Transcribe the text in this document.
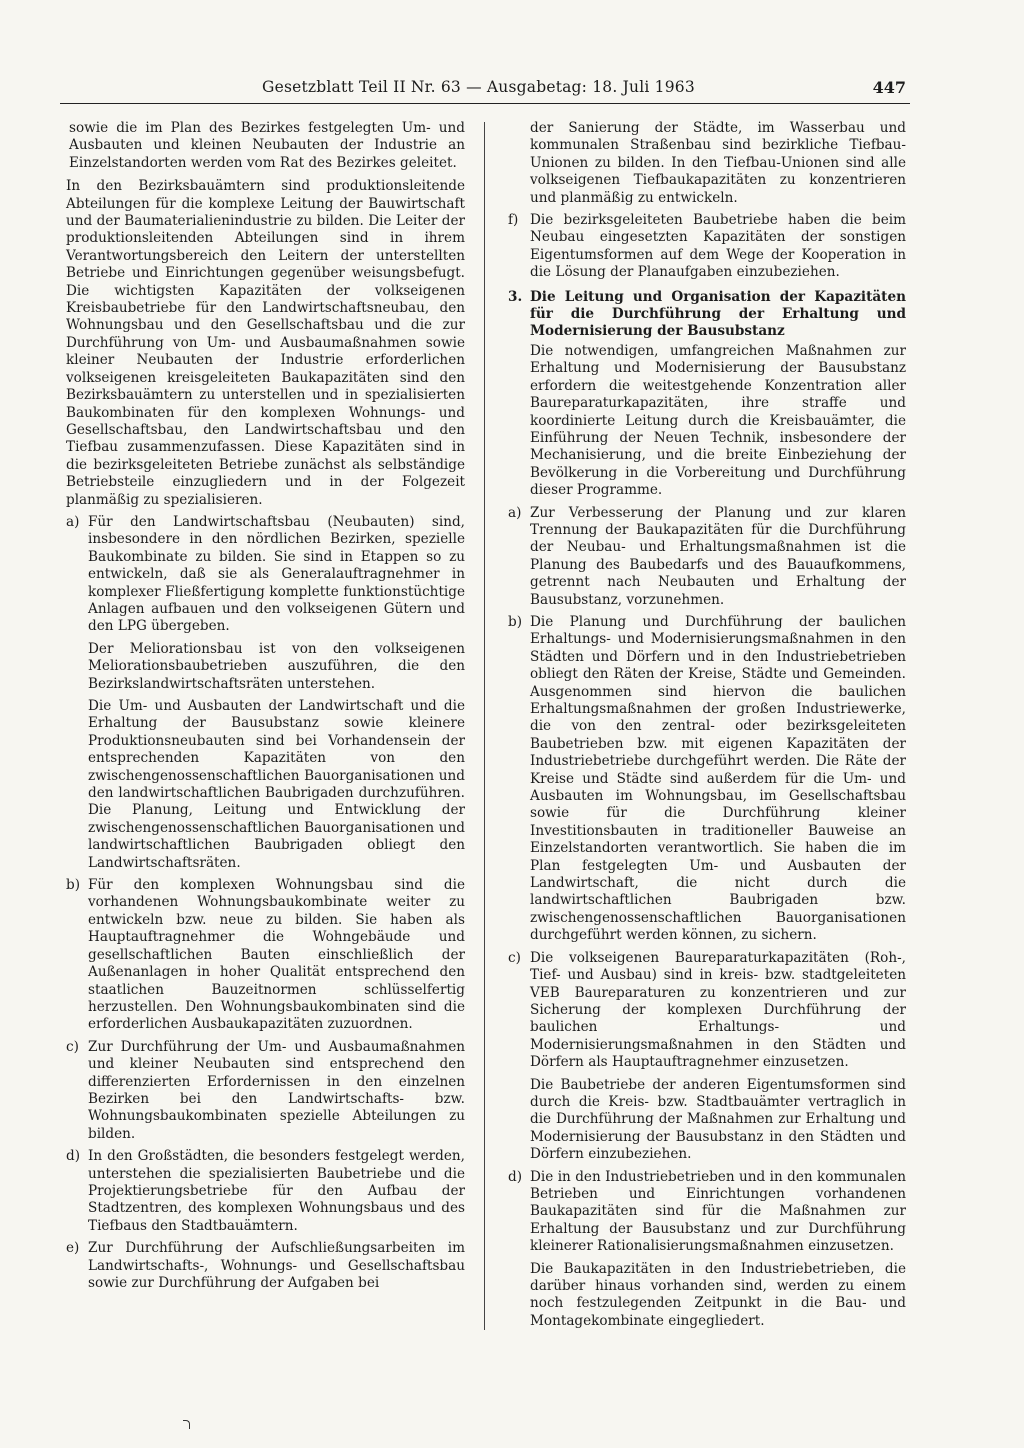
Gesetzblatt Teil II Nr. 63 — Ausgabetag: 18. Juli 1963	447

sowie die im Plan des Bezirkes festgelegten Um- und Ausbauten und kleinen Neubauten der Industrie an Einzelstandorten werden vom Rat des Bezirkes geleitet.

In den Bezirksbauämtern sind produktionsleitende Abteilungen für die komplexe Leitung der Bauwirtschaft und der Baumaterialienindustrie zu bilden. Die Leiter der produktionsleitenden Abteilungen sind in ihrem Verantwortungsbereich den Leitern der unterstellten Betriebe und Einrichtungen gegenüber weisungsbefugt. Die wichtigsten Kapazitäten der volkseigenen Kreisbaubetriebe für den Landwirtschaftsneubau, den Wohnungsbau und den Gesellschaftsbau und die zur Durchführung von Um- und Ausbaumaßnahmen sowie kleiner Neubauten der Industrie erforderlichen volkseigenen kreisgeleiteten Baukapazitäten sind den Bezirksbauämtern zu unterstellen und in spezialisierten Baukombinaten für den komplexen Wohnungs- und Gesellschaftsbau, den Landwirtschaftsbau und den Tiefbau zusammenzufassen. Diese Kapazitäten sind in die bezirksgeleiteten Betriebe zunächst als selbständige Betriebsteile einzugliedern und in der Folgezeit planmäßig zu spezialisieren.

a) Für den Landwirtschaftsbau (Neubauten) sind, insbesondere in den nördlichen Bezirken, spezielle Baukombinate zu bilden. Sie sind in Etappen so zu entwickeln, daß sie als Generalauftragnehmer in komplexer Fließfertigung komplette funktionstüchtige Anlagen aufbauen und den volkseigenen Gütern und den LPG übergeben.

Der Meliorationsbau ist von den volkseigenen Meliorationsbaubetrieben auszuführen, die den Bezirkslandwirtschaftsräten unterstehen.

Die Um- und Ausbauten der Landwirtschaft und die Erhaltung der Bausubstanz sowie kleinere Produktionsneubauten sind bei Vorhandensein der entsprechenden Kapazitäten von den zwischengenossenschaftlichen Bauorganisationen und den landwirtschaftlichen Baubrigaden durchzuführen. Die Planung, Leitung und Entwicklung der zwischengenossenschaftlichen Bauorganisationen und landwirtschaftlichen Baubrigaden obliegt den Landwirtschaftsräten.

b) Für den komplexen Wohnungsbau sind die vorhandenen Wohnungsbaukombinate weiter zu entwickeln bzw. neue zu bilden. Sie haben als Hauptauftragnehmer die Wohngebäude und gesellschaftlichen Bauten einschließlich der Außenanlagen in hoher Qualität entsprechend den staatlichen Bauzeitnormen schlüsselfertig herzustellen. Den Wohnungsbaukombinaten sind die erforderlichen Ausbaukapazitäten zuzuordnen.

c) Zur Durchführung der Um- und Ausbaumaßnahmen und kleiner Neubauten sind entsprechend den differenzierten Erfordernissen in den einzelnen Bezirken bei den Landwirtschafts- bzw. Wohnungsbaukombinaten spezielle Abteilungen zu bilden.

d) In den Großstädten, die besonders festgelegt werden, unterstehen die spezialisierten Baubetriebe und die Projektierungsbetriebe für den Aufbau der Stadtzentren, des komplexen Wohnungsbaus und des Tiefbaus den Stadtbauämtern.

e) Zur Durchführung der Aufschließungsarbeiten im Landwirtschafts-, Wohnungs- und Gesellschaftsbau sowie zur Durchführung der Aufgaben bei

der Sanierung der Städte, im Wasserbau und kommunalen Straßenbau sind bezirkliche Tiefbau-Unionen zu bilden. In den Tiefbau-Unionen sind alle volkseigenen Tiefbaukapazitäten zu konzentrieren und planmäßig zu entwickeln.

f) Die bezirksgeleiteten Baubetriebe haben die beim Neubau eingesetzten Kapazitäten der sonstigen Eigentumsformen auf dem Wege der Kooperation in die Lösung der Planaufgaben einzubeziehen.

3. Die Leitung und Organisation der Kapazitäten für die Durchführung der Erhaltung und Modernisierung der Bausubstanz

Die notwendigen, umfangreichen Maßnahmen zur Erhaltung und Modernisierung der Bausubstanz erfordern die weitestgehende Konzentration aller Baureparaturkapazitäten, ihre straffe und koordinierte Leitung durch die Kreisbauämter, die Einführung der Neuen Technik, insbesondere der Mechanisierung, und die breite Einbeziehung der Bevölkerung in die Vorbereitung und Durchführung dieser Programme.

a) Zur Verbesserung der Planung und zur klaren Trennung der Baukapazitäten für die Durchführung der Neubau- und Erhaltungsmaßnahmen ist die Planung des Baubedarfs und des Bauaufkommens, getrennt nach Neubauten und Erhaltung der Bausubstanz, vorzunehmen.

b) Die Planung und Durchführung der baulichen Erhaltungs- und Modernisierungsmaßnahmen in den Städten und Dörfern und in den Industriebetrieben obliegt den Räten der Kreise, Städte und Gemeinden. Ausgenommen sind hiervon die baulichen Erhaltungsmaßnahmen der großen Industriewerke, die von den zentral- oder bezirksgeleiteten Baubetrieben bzw. mit eigenen Kapazitäten der Industriebetriebe durchgeführt werden. Die Räte der Kreise und Städte sind außerdem für die Um- und Ausbauten im Wohnungsbau, im Gesellschaftsbau sowie für die Durchführung kleiner Investitionsbauten in traditioneller Bauweise an Einzelstandorten verantwortlich. Sie haben die im Plan festgelegten Um- und Ausbauten der Landwirtschaft, die nicht durch die landwirtschaftlichen Baubrigaden bzw. zwischengenossenschaftlichen Bauorganisationen durchgeführt werden können, zu sichern.

c) Die volkseigenen Baureparaturkapazitäten (Roh-, Tief- und Ausbau) sind in kreis- bzw. stadtgeleiteten VEB Baureparaturen zu konzentrieren und zur Sicherung der komplexen Durchführung der baulichen Erhaltungs- und Modernisierungsmaßnahmen in den Städten und Dörfern als Hauptauftragnehmer einzusetzen.

Die Baubetriebe der anderen Eigentumsformen sind durch die Kreis- bzw. Stadtbauämter vertraglich in die Durchführung der Maßnahmen zur Erhaltung und Modernisierung der Bausubstanz in den Städten und Dörfern einzubeziehen.

d) Die in den Industriebetrieben und in den kommunalen Betrieben und Einrichtungen vorhandenen Baukapazitäten sind für die Maßnahmen zur Erhaltung der Bausubstanz und zur Durchführung kleinerer Rationalisierungsmaßnahmen einzusetzen.

Die Baukapazitäten in den Industriebetrieben, die darüber hinaus vorhanden sind, werden zu einem noch festzulegenden Zeitpunkt in die Bau- und Montagekombinate eingegliedert.
